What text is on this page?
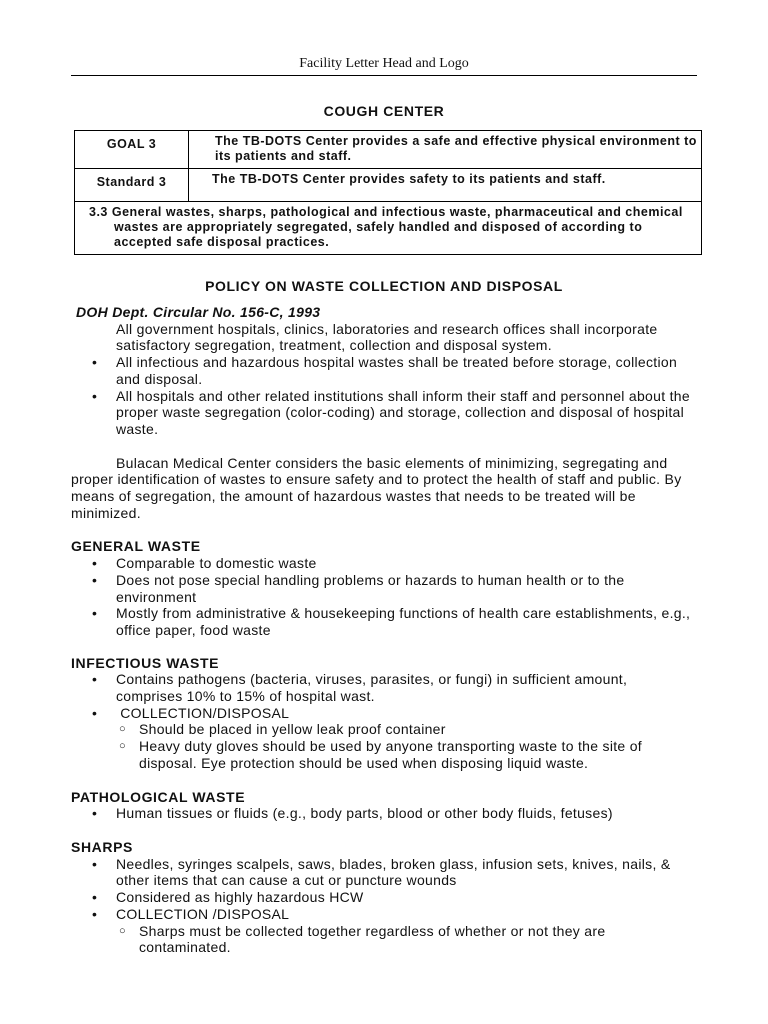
Facility Letter Head and Logo
COUGH CENTER
GOAL 3	The TB-DOTS Center provides a safe and effective physical environment to its patients and staff.
Standard 3	The TB-DOTS Center provides safety to its patients and staff.

3.3 General wastes, sharps, pathological and infectious waste, pharmaceutical and chemical wastes are appropriately segregated, safely handled and disposed of according to accepted safe disposal practices.	
POLICY ON WASTE COLLECTION AND DISPOSAL
DOH Dept. Circular No. 156-C, 1993
All government hospitals, clinics, laboratories and research offices shall incorporate satisfactory segregation, treatment, collection and disposal system.
• All infectious and hazardous hospital wastes shall be treated before storage, collection and disposal.
• All hospitals and other related institutions shall inform their staff and personnel about the proper waste segregation (color-coding) and storage, collection and disposal of hospital waste.
Bulacan Medical Center considers the basic elements of minimizing, segregating and
proper identification of wastes to ensure safety and to protect the health of staff and public. By means of segregation, the amount of hazardous wastes that needs to be treated will be minimized.
GENERAL WASTE
• Comparable to domestic waste
• Does not pose special handling problems or hazards to human health or to the environment
• Mostly from administrative & housekeeping functions of health care establishments, e.g., office paper, food waste
INFECTIOUS WASTE
• Contains pathogens (bacteria, viruses, parasites, or fungi) in sufficient amount, comprises 10% to 15% of hospital wast.
• COLLECTION/DISPOSAL
○ Should be placed in yellow leak proof container
○ Heavy duty gloves should be used by anyone transporting waste to the site of disposal. Eye protection should be used when disposing liquid waste.
PATHOLOGICAL WASTE
• Human tissues or fluids (e.g., body parts, blood or other body fluids, fetuses)
SHARPS
• Needles, syringes scalpels, saws, blades, broken glass, infusion sets, knives, nails, & other items that can cause a cut or puncture wounds
• Considered as highly hazardous HCW
• COLLECTION /DISPOSAL
○ Sharps must be collected together regardless of whether or not they are contaminated.
